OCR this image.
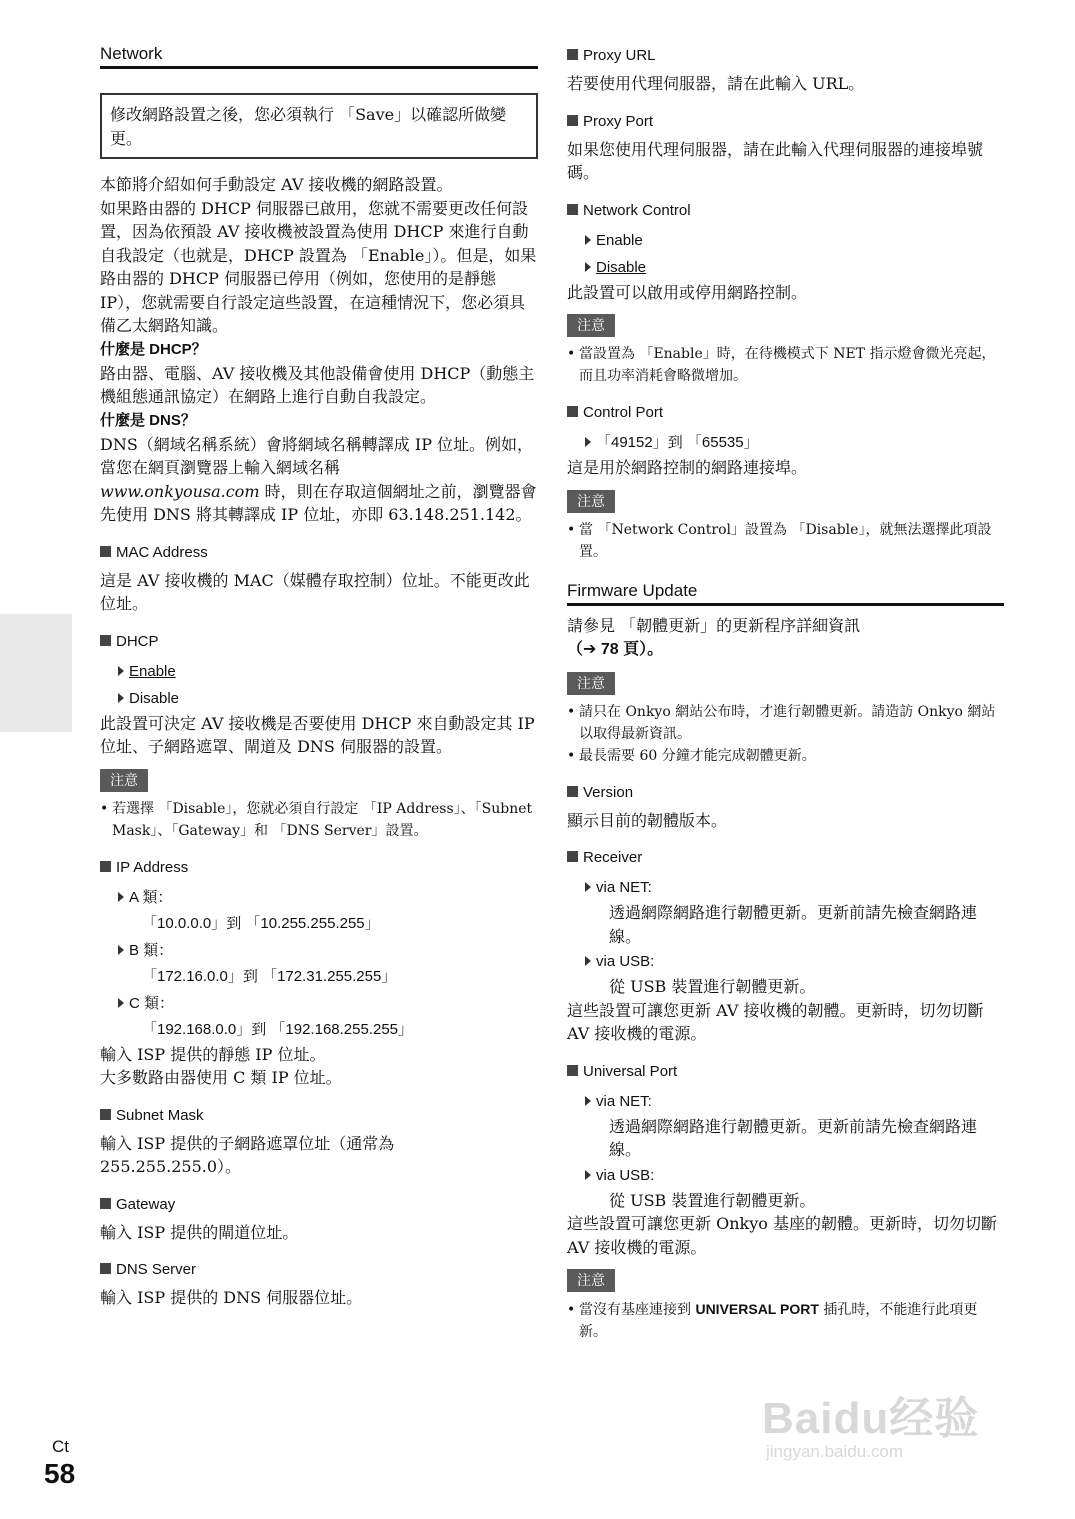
Network
修改網路設置之後，您必須執行 「Save」以確認所做變更。

本節將介紹如何手動設定 AV 接收機的網路設置。

如果路由器的 DHCP 伺服器已啟用，您就不需要更改任何設置，因為依預設 AV 接收機被設置為使用 DHCP 來進行自動自我設定（也就是，DHCP 設置為 「Enable」）。但是，如果路由器的 DHCP 伺服器已停用（例如，您使用的是靜態 IP），您就需要自行設定這些設置，在這種情況下，您必須具備乙太網路知識。

什麼是 DHCP？

路由器、電腦、AV 接收機及其他設備會使用 DHCP（動態主機組態通訊協定）在網路上進行自動自我設定。

什麼是 DNS？

DNS（網域名稱系統）會將網域名稱轉譯成 IP 位址。例如，當您在網頁瀏覽器上輸入網域名稱
www.onkyousa.com 時，則在存取這個網址之前，瀏覽器會先使用 DNS 將其轉譯成 IP 位址，亦即 63.148.251.142。

MAC Address

這是 AV 接收機的 MAC（媒體存取控制）位址。不能更改此位址。

DHCP
Enable
Disable

此設置可決定 AV 接收機是否要使用 DHCP 來自動設定其 IP 位址、子網路遮罩、閘道及 DNS 伺服器的設置。

注意
• 若選擇 「Disable」，您就必須自行設定 「IP Address」、「Subnet Mask」、「Gateway」和 「DNS Server」設置。
IP Address
A 類：
「10.0.0.0」到 「10.255.255.255」
B 類：
「172.16.0.0」到 「172.31.255.255」
C 類：
「192.168.0.0」到 「192.168.255.255」

輸入 ISP 提供的靜態 IP 位址。

大多數路由器使用 C 類 IP 位址。

Subnet Mask

輸入 ISP 提供的子網路遮罩位址（通常為 255.255.255.0）。

Gateway

輸入 ISP 提供的閘道位址。

DNS Server

輸入 ISP 提供的 DNS 伺服器位址。

Proxy URL

若要使用代理伺服器，請在此輸入 URL。

Proxy Port

如果您使用代理伺服器，請在此輸入代理伺服器的連接埠號碼。

Network Control
Enable
Disable

此設置可以啟用或停用網路控制。

注意
• 當設置為 「Enable」時，在待機模式下 NET 指示燈會微光亮起，而且功率消耗會略微增加。
Control Port
「49152」到 「65535」

這是用於網路控制的網路連接埠。

注意
• 當 「Network Control」設置為 「Disable」，就無法選擇此項設置。
Firmware Update

請參見 「韌體更新」的更新程序詳細資訊
（➔ 78 頁）。

注意
• 請只在 Onkyo 網站公布時，才進行韌體更新。請造訪 Onkyo 網站以取得最新資訊。
• 最長需要 60 分鐘才能完成韌體更新。
Version

顯示目前的韌體版本。

Receiver
via NET:
透過網際網路進行韌體更新。更新前請先檢查網路連線。
via USB:
從 USB 裝置進行韌體更新。

這些設置可讓您更新 AV 接收機的韌體。更新時，切勿切斷 AV 接收機的電源。

Universal Port
via NET:
透過網際網路進行韌體更新。更新前請先檢查網路連線。
via USB:
從 USB 裝置進行韌體更新。

這些設置可讓您更新 Onkyo 基座的韌體。更新時，切勿切斷 AV 接收機的電源。

注意
• 當沒有基座連接到 UNIVERSAL PORT 插孔時，不能進行此項更新。
Ct
58
Baidu经验
jingyan.baidu.com
